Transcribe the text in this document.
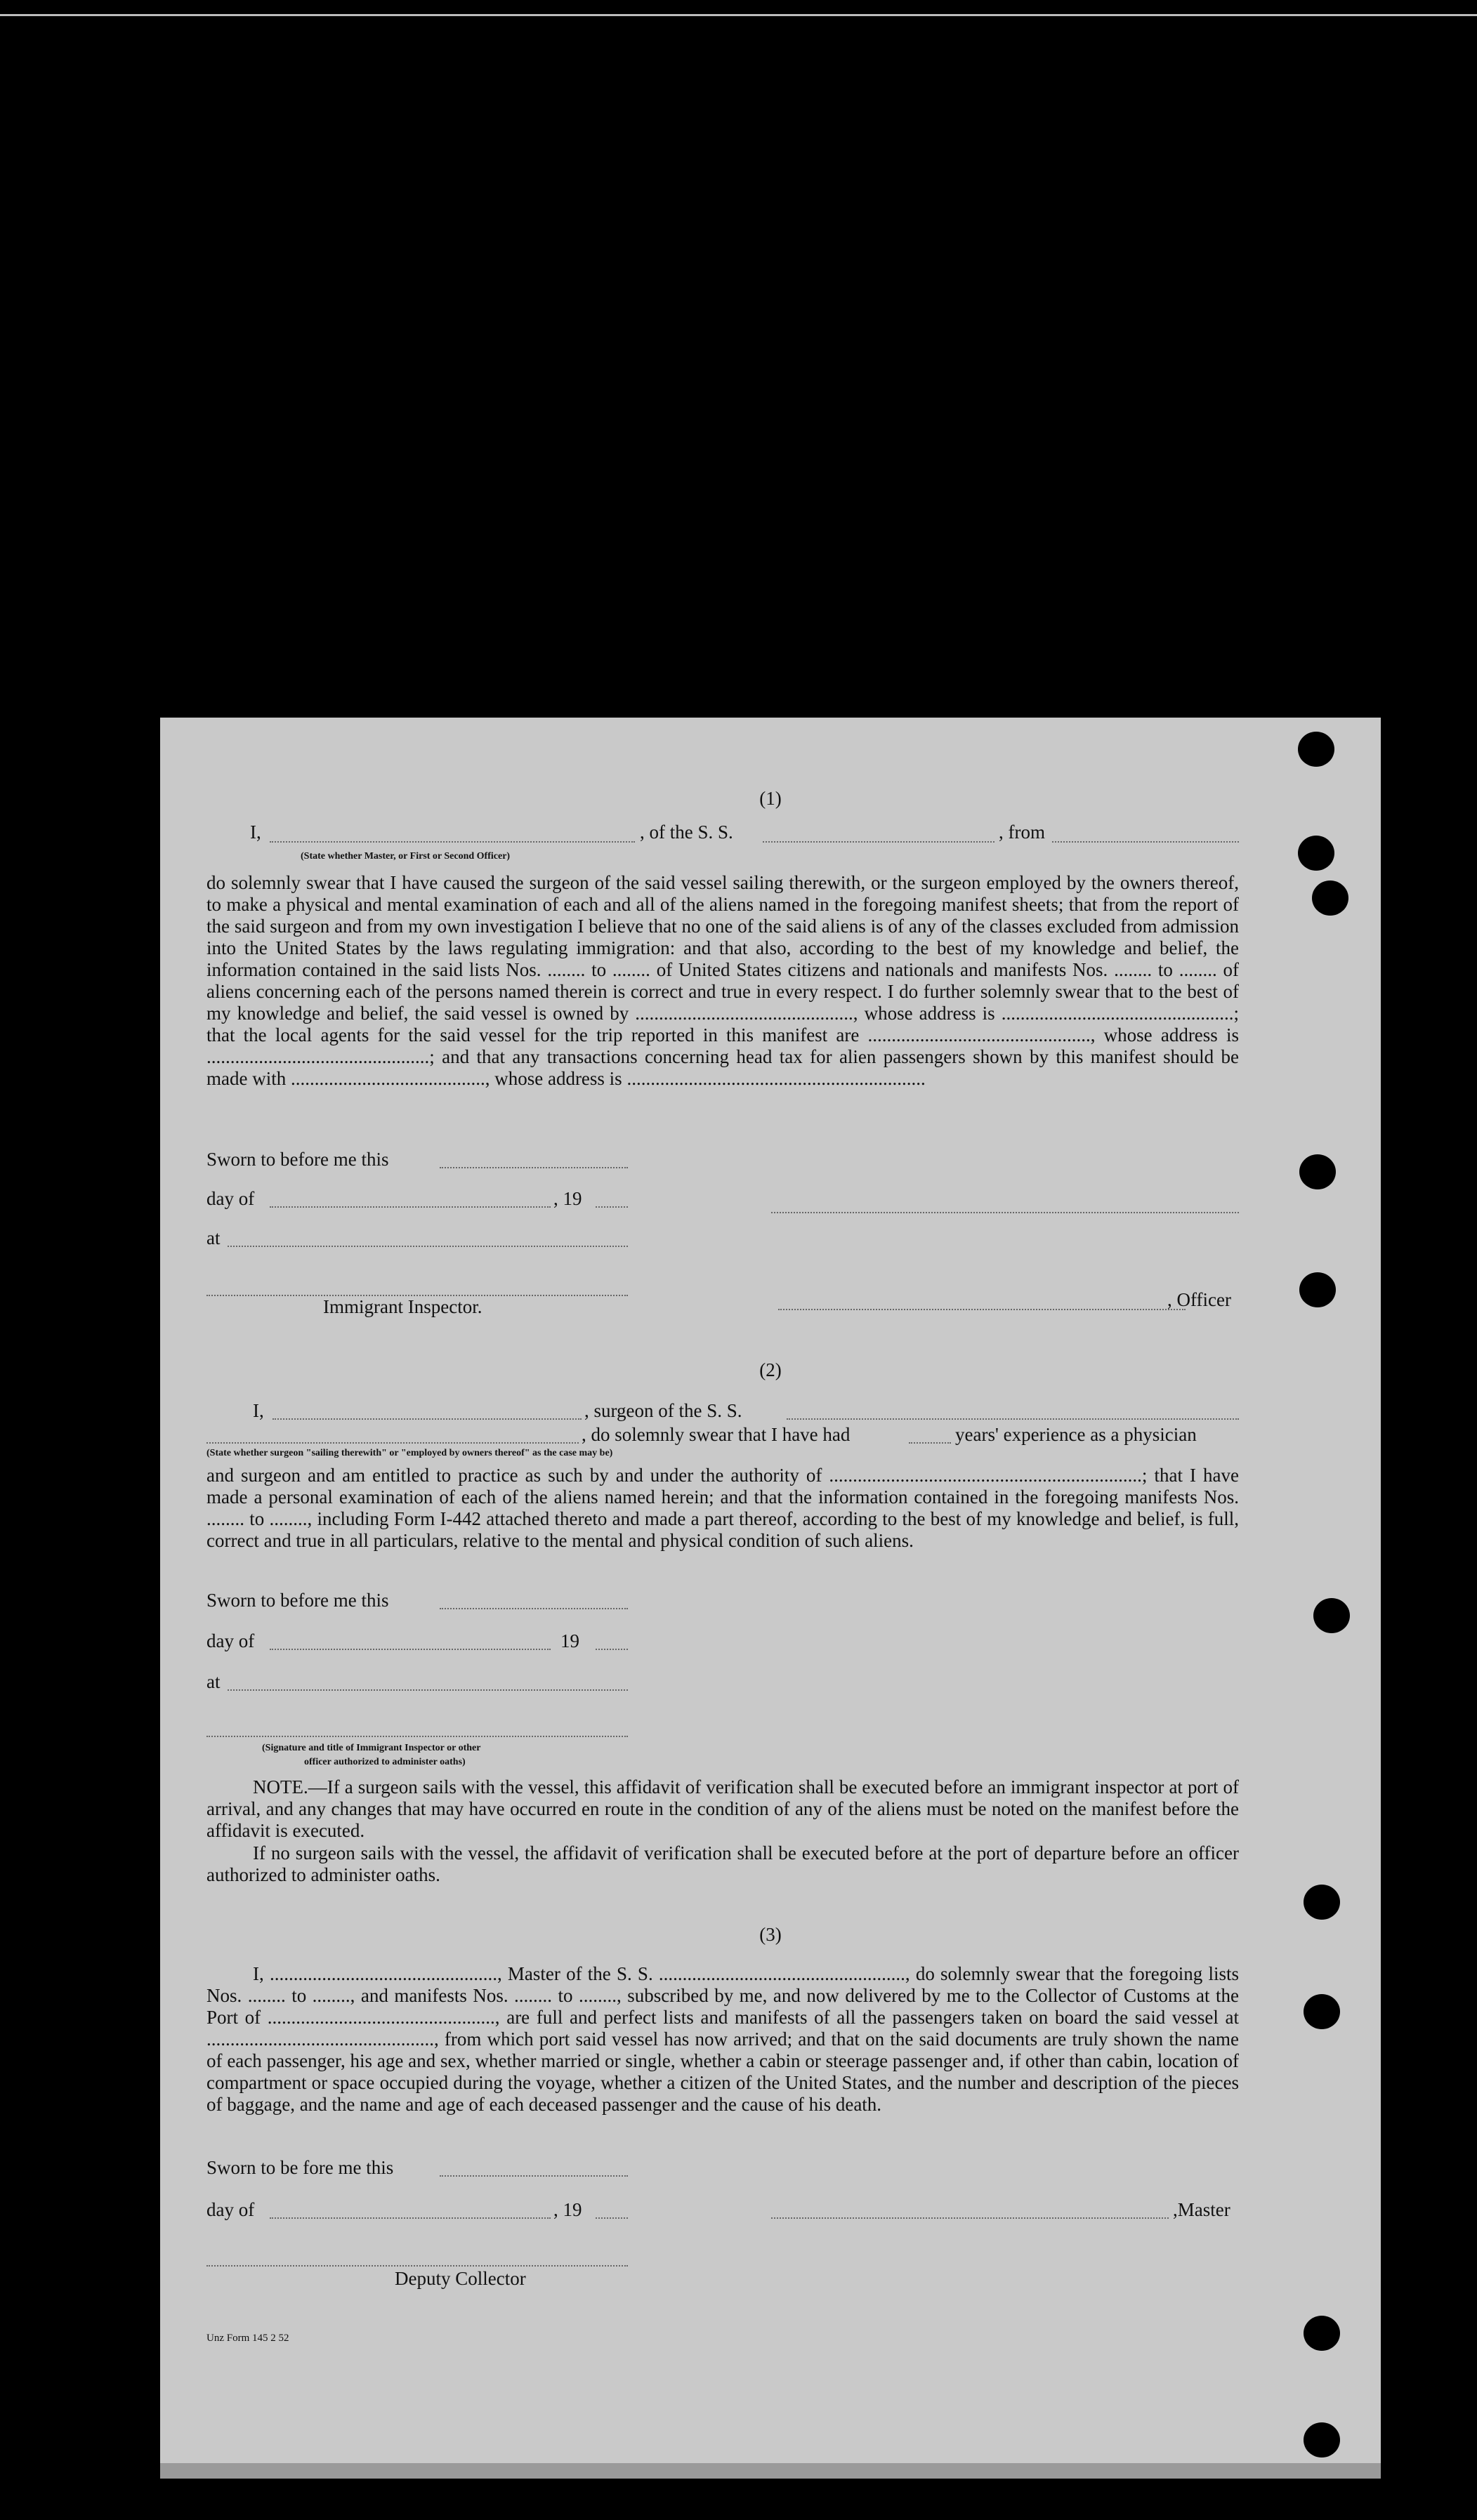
(1)
I,	, of the S. S.	, from
(State whether Master, or First or Second Officer)
do solemnly swear that I have caused the surgeon of the said vessel sailing therewith, or the surgeon employed by the owners thereof, to make a physical and mental examination of each and all of the aliens named in the foregoing manifest sheets; that from the report of the said surgeon and from my own investigation I believe that no one of the said aliens is of any of the classes excluded from admission into the United States by the laws regulating immigration: and that also, according to the best of my knowledge and belief, the information contained in the said lists Nos. ........ to ........ of United States citizens and nationals and manifests Nos. ........ to ........ of aliens concerning each of the persons named therein is correct and true in every respect. I do further solemnly swear that to the best of my knowledge and belief, the said vessel is owned by .............................................., whose address is .................................................; that the local agents for the said vessel for the trip reported in this manifest are ..............................................., whose address is ...............................................; and that any transactions concerning head tax for alien passengers shown by this manifest should be made with ........................................., whose address is ...............................................................
Sworn to before me this
day of	, 19
at
Immigrant Inspector.	, Officer
(2)
I,	, surgeon of the S. S.
, do solemnly swear that I have had	years' experience as a physician
(State whether surgeon "sailing therewith" or "employed by owners thereof" as the case may be)
and surgeon and am entitled to practice as such by and under the authority of ..................................................................; that I have made a personal examination of each of the aliens named herein; and that the information contained in the foregoing manifests Nos. ........ to ........, including Form I-442 attached thereto and made a part thereof, according to the best of my knowledge and belief, is full, correct and true in all particulars, relative to the mental and physical condition of such aliens.
Sworn to before me this
day of	19
at
(Signature and title of Immigrant Inspector or other
officer authorized to administer oaths)
NOTE.—If a surgeon sails with the vessel, this affidavit of verification shall be executed before an immigrant inspector at port of arrival, and any changes that may have occurred en route in the condition of any of the aliens must be noted on the manifest before the affidavit is executed.
If no surgeon sails with the vessel, the affidavit of verification shall be executed before at the port of departure before an officer authorized to administer oaths.
(3)
I, ................................................, Master of the S. S. ...................................................., do solemnly swear that the foregoing lists Nos. ........ to ........, and manifests Nos. ........ to ........, subscribed by me, and now delivered by me to the Collector of Customs at the Port of ................................................, are full and perfect lists and manifests of all the passengers taken on board the said vessel at ................................................, from which port said vessel has now arrived; and that on the said documents are truly shown the name of each passenger, his age and sex, whether married or single, whether a cabin or steerage passenger and, if other than cabin, location of compartment or space occupied during the voyage, whether a citizen of the United States, and the number and description of the pieces of baggage, and the name and age of each deceased passenger and the cause of his death.
Sworn to be fore me this
day of	, 19	,Master
Deputy Collector
Unz Form 145 2 52
